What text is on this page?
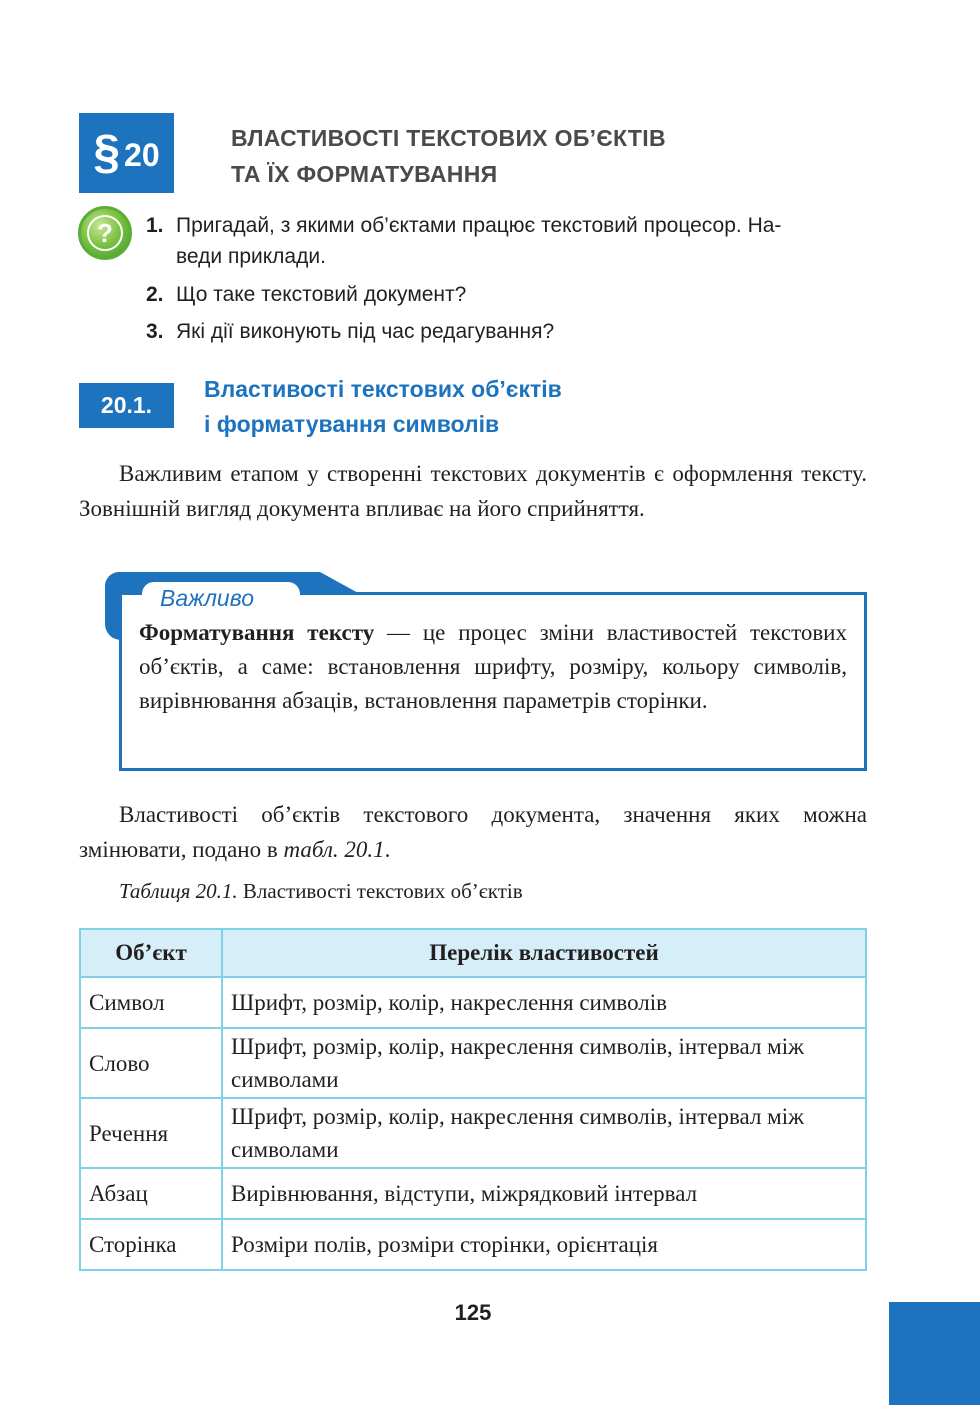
§ 20	ВЛАСТИВОСТІ ТЕКСТОВИХ ОБ’ЄКТІВ
ТА ЇХ ФОРМАТУВАННЯ
?	1. Пригадай, з якими об’єктами працює текстовий процесор. На-
веди приклади.
2. Що таке текстовий документ?
3. Які дії виконують під час редагування?
20.1.
Властивості текстових об’єктів
і форматування символів
Важливим етапом у створенні текстових документів є оформлення тексту. Зовнішній вигляд документа впливає на його сприйняття.
Важливо
Форматування тексту — це процес зміни властивостей текстових об’єктів, а саме: встановлення шрифту, розміру, кольору символів, вирівнювання абзаців, встановлення параметрів сторінки.
Властивості об’єктів текстового документа, значення яких можна змінювати, подано в табл. 20.1.
Таблиця 20.1. Властивості текстових об’єктів
Об’єкт	Перелік властивостей
Символ	Шрифт, розмір, колір, накреслення символів
Слово	Шрифт, розмір, колір, накреслення символів, інтервал між символами
Речення	Шрифт, розмір, колір, накреслення символів, інтервал між символами
Абзац	Вирівнювання, відступи, міжрядковий інтервал
Сторінка	Розміри полів, розміри сторінки, орієнтація
125
